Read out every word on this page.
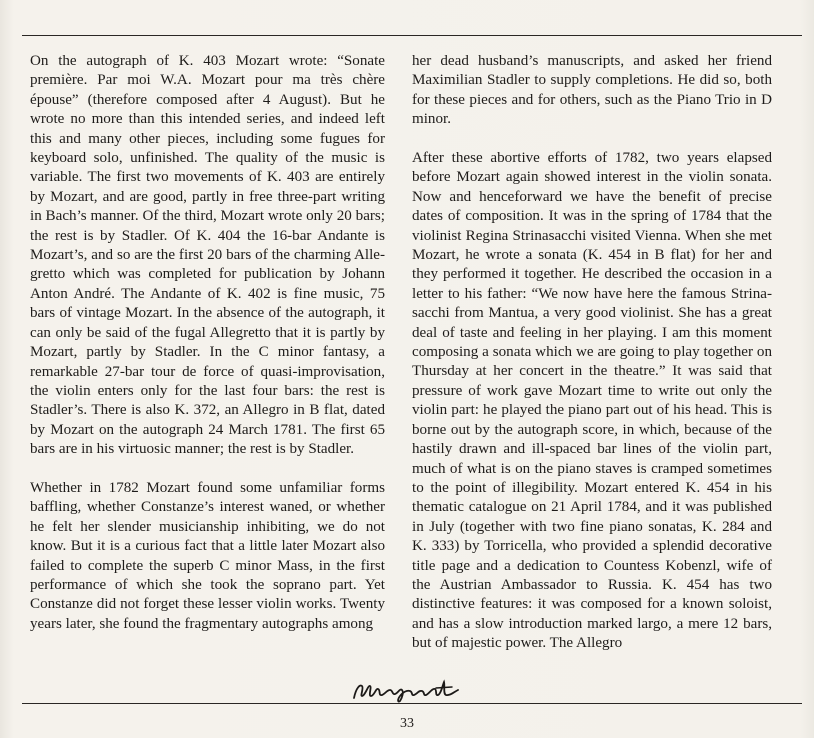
On the autograph of K. 403 Mozart wrote: “Sonate première. Par moi W.A. Mozart pour ma très chère épouse” (therefore composed after 4 August). But he wrote no more than this intended series, and indeed left this and many other pieces, including some fugues for keyboard solo, unfinished. The quality of the music is variable. The first two movements of K. 403 are entirely by Mozart, and are good, partly in free three-part writing in Bach’s manner. Of the third, Mozart wrote only 20 bars; the rest is by Stadler. Of K. 404 the 16-bar Andante is Mozart’s, and so are the first 20 bars of the charming Allegretto which was completed for publication by Johann Anton André. The Andante of K. 402 is fine music, 75 bars of vintage Mozart. In the absence of the autograph, it can only be said of the fugal Allegretto that it is partly by Mozart, partly by Stadler. In the C minor fantasy, a remarkable 27-bar tour de force of quasi-improvisation, the violin enters only for the last four bars: the rest is Stadler’s. There is also K. 372, an Allegro in B flat, dated by Mozart on the autograph 24 March 1781. The first 65 bars are in his virtuosic manner; the rest is by Stadler.

Whether in 1782 Mozart found some unfamiliar forms baffling, whether Constanze’s interest waned, or whether he felt her slender musicianship inhibiting, we do not know. But it is a curious fact that a little later Mozart also failed to complete the superb C minor Mass, in the first performance of which she took the soprano part. Yet Constanze did not forget these lesser violin works. Twenty years later, she found the fragmentary autographs among

her dead husband’s manuscripts, and asked her friend Maximilian Stadler to supply completions. He did so, both for these pieces and for others, such as the Piano Trio in D minor.

After these abortive efforts of 1782, two years elapsed before Mozart again showed interest in the violin sonata. Now and henceforward we have the benefit of precise dates of composition. It was in the spring of 1784 that the violinist Regina Strinasacchi visited Vienna. When she met Mozart, he wrote a sonata (K. 454 in B flat) for her and they performed it together. He described the occasion in a letter to his father: “We now have here the famous Strinasacchi from Mantua, a very good violinist. She has a great deal of taste and feeling in her playing. I am this moment composing a sonata which we are going to play together on Thursday at her concert in the theatre.” It was said that pressure of work gave Mozart time to write out only the violin part: he played the piano part out of his head. This is borne out by the autograph score, in which, because of the hastily drawn and ill-spaced bar lines of the violin part, much of what is on the piano staves is cramped sometimes to the point of illegibility. Mozart entered K. 454 in his thematic catalogue on 21 April 1784, and it was published in July (together with two fine piano sonatas, K. 284 and K. 333) by Torricella, who provided a splendid decorative title page and a dedication to Countess Kobenzl, wife of the Austrian Ambassador to Russia. K. 454 has two distinctive features: it was composed for a known soloist, and has a slow introduction marked largo, a mere 12 bars, but of majestic power. The Allegro

33
